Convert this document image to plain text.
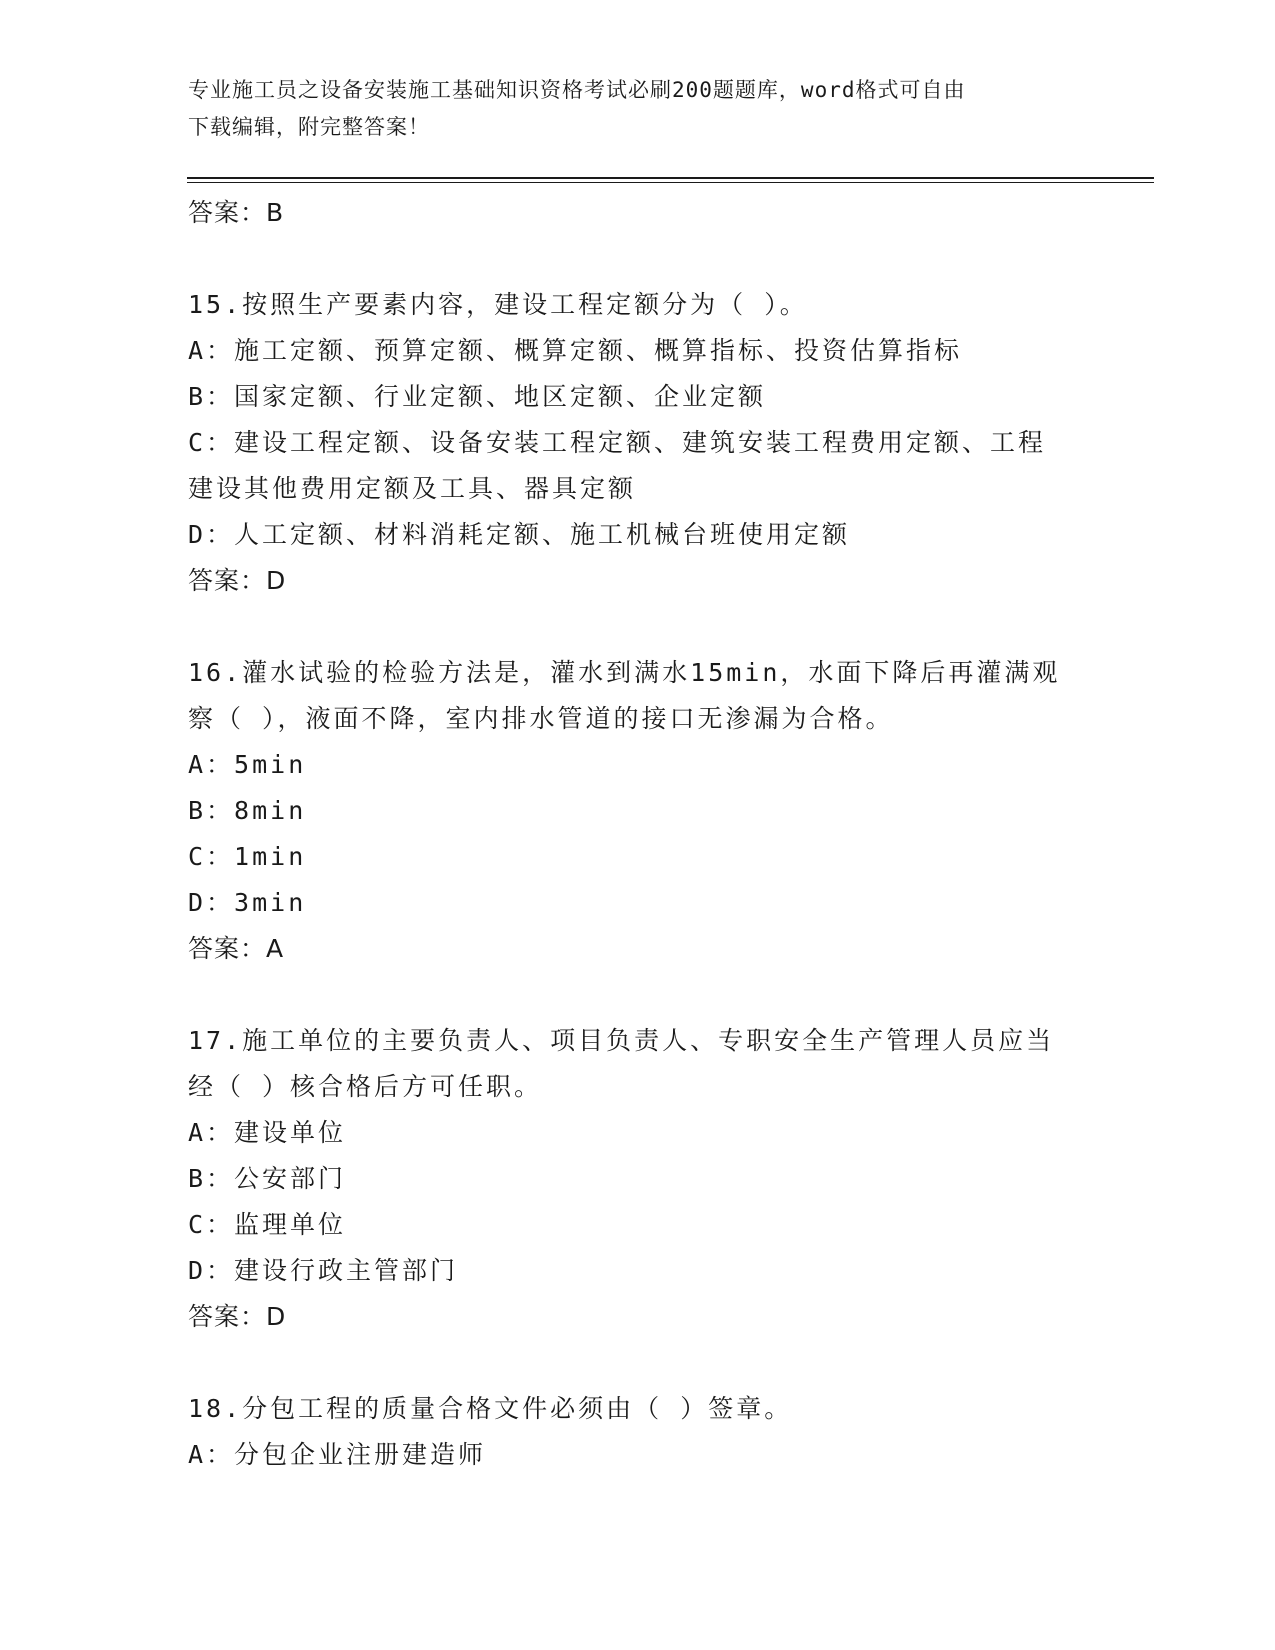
专业施工员之设备安装施工基础知识资格考试必刷200题题库，word格式可自由
下载编辑，附完整答案！
答案：B
15.按照生产要素内容，建设工程定额分为（ ）。
A：施工定额、预算定额、概算定额、概算指标、投资估算指标
B：国家定额、行业定额、地区定额、企业定额
C：建设工程定额、设备安装工程定额、建筑安装工程费用定额、工程
建设其他费用定额及工具、器具定额
D：人工定额、材料消耗定额、施工机械台班使用定额
答案：D
16.灌水试验的检验方法是，灌水到满水15min，水面下降后再灌满观
察（ ），液面不降，室内排水管道的接口无渗漏为合格。
A：5min
B：8min
C：1min
D：3min
答案：A
17.施工单位的主要负责人、项目负责人、专职安全生产管理人员应当
经（ ）核合格后方可任职。
A：建设单位
B：公安部门
C：监理单位
D：建设行政主管部门
答案：D
18.分包工程的质量合格文件必须由（ ）签章。
A：分包企业注册建造师
